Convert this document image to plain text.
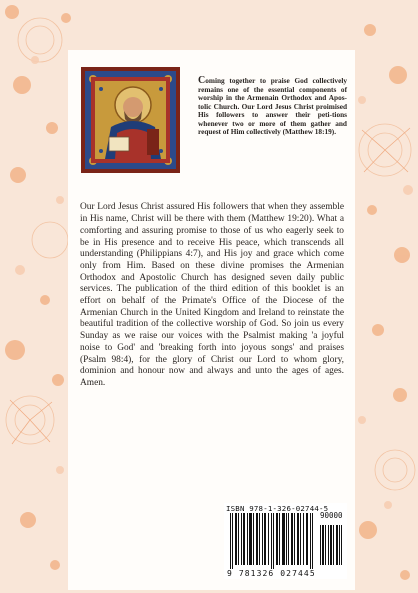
Coming together to praise God collectively remains one of the essential components of worship in the Armenain Orthodox and Apos-tolic Church. Our Lord Jesus Christ proimised His followers to answer their peti-tions whenever two or more of them gather and request of Him collectively (Matthew 18:19).

Our Lord Jesus Christ assured His followers that when they assemble in His name, Christ will be there with them (Matthew 19:20). What a comforting and assuring promise to those of us who eagerly seek to be in His presence and to receive His peace, which transcends all understanding (Philippians 4:7), and His joy and grace which come only from Him. Based on these divine promises the Armenian Orthodox and Apostolic Church has designed seven daily public services. The publication of the third edition of this booklet is an effort on behalf of the Primate's Office of the Diocese of the Armenian Church in the United Kingdom and Ireland to reinstate the beautiful tradition of the collective worship of God. So join us every Sunday as we raise our voices with the Psalmist making 'a joyful noise to God' and 'breaking forth into joyous songs' and praises (Psalm 98:4), for the glory of Christ our Lord to whom glory, dominion and honour now and always and unto the ages of ages. Amen.

ISBN 978-1-326-02744-5
90000
9 781326 027445
